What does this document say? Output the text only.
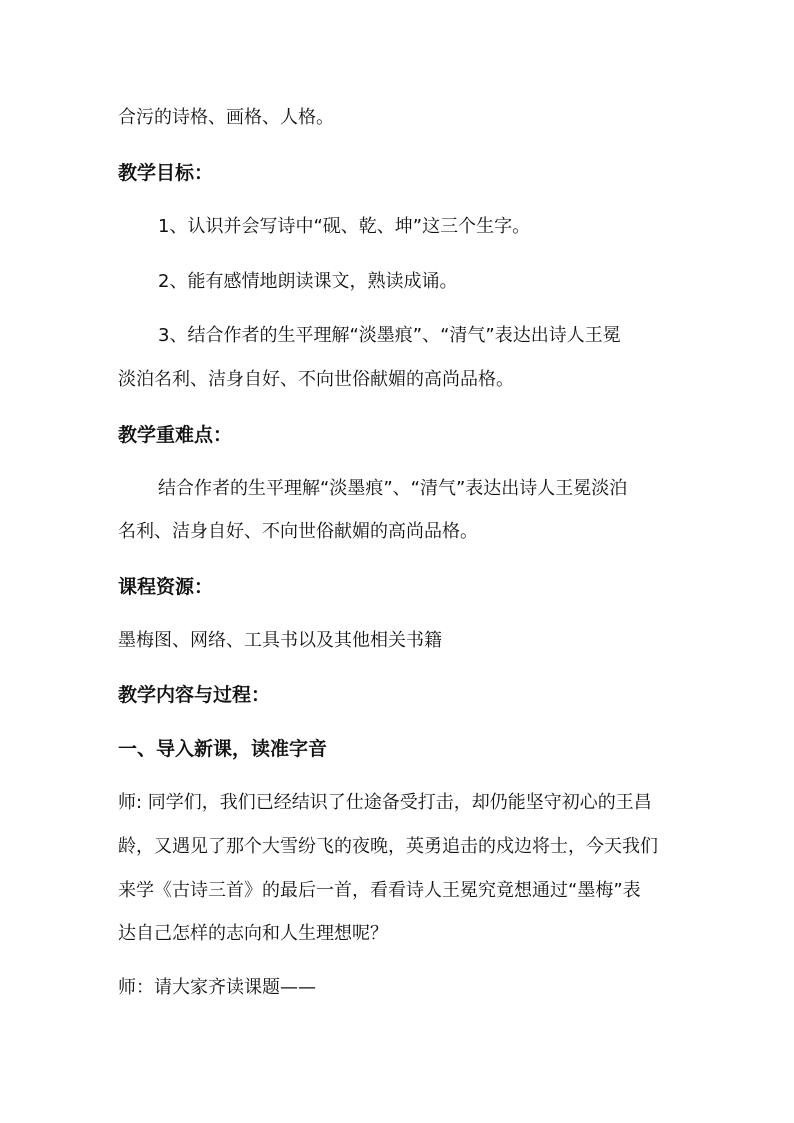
合污的诗格、画格、人格。
教学目标：
1、认识并会写诗中“砚、乾、坤”这三个生字。
2、能有感情地朗读课文，熟读成诵。
3、结合作者的生平理解“淡墨痕”、“清气”表达出诗人王冕
淡泊名利、洁身自好、不向世俗献媚的高尚品格。
教学重难点：
结合作者的生平理解“淡墨痕”、“清气”表达出诗人王冕淡泊
名利、洁身自好、不向世俗献媚的高尚品格。
课程资源：
墨梅图、网络、工具书以及其他相关书籍
教学内容与过程：
一、导入新课，读准字音
师: 同学们，我们已经结识了仕途备受打击，却仍能坚守初心的王昌
龄，又遇见了那个大雪纷飞的夜晚，英勇追击的戍边将士，今天我们
来学《古诗三首》的最后一首，看看诗人王冕究竟想通过“墨梅”表
达自己怎样的志向和人生理想呢？
师：请大家齐读课题——
